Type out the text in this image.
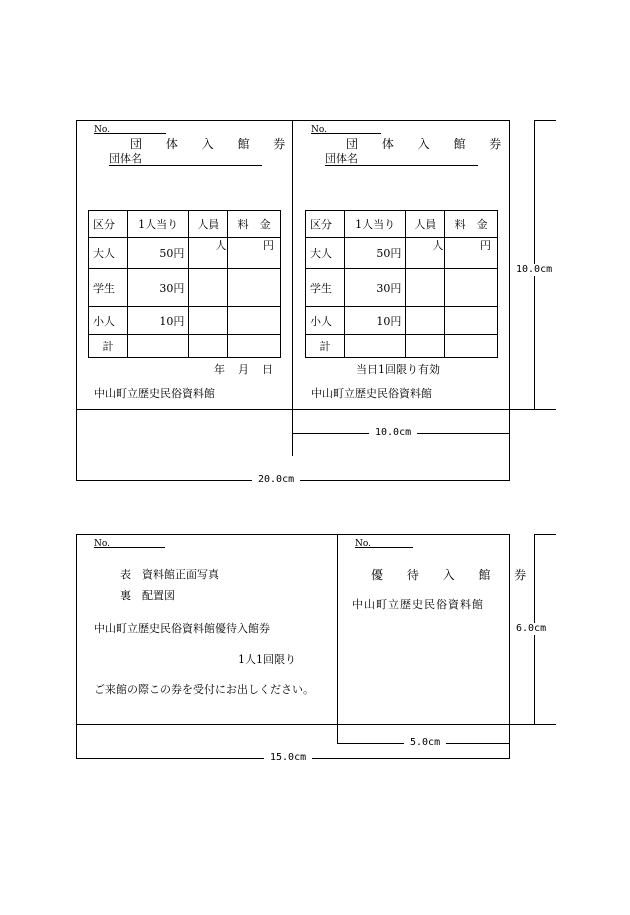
No.
団 体 入 館 券
団体名
区分	1人当り	人員	料　金
大人	50円	人	円

学生	30円		
小人	10円		
計			
年　月　日
中山町立歴史民俗資料館
No.
団 体 入 館 券
団体名
区分	1人当り	人員	料　金
大人	50円	人	円

学生	30円		
小人	10円		
計			
当日1回限り有効
中山町立歴史民俗資料館
10.0cm
10.0cm
20.0cm
No.
表 資料館正面写真
裏 配置図
中山町立歴史民俗資料館優待入館券
1人1回限り
ご来館の際この券を受付にお出しください。
No.
優 待 入 館 券
中山町立歴史民俗資料館
6.0cm
5.0cm
15.0cm
